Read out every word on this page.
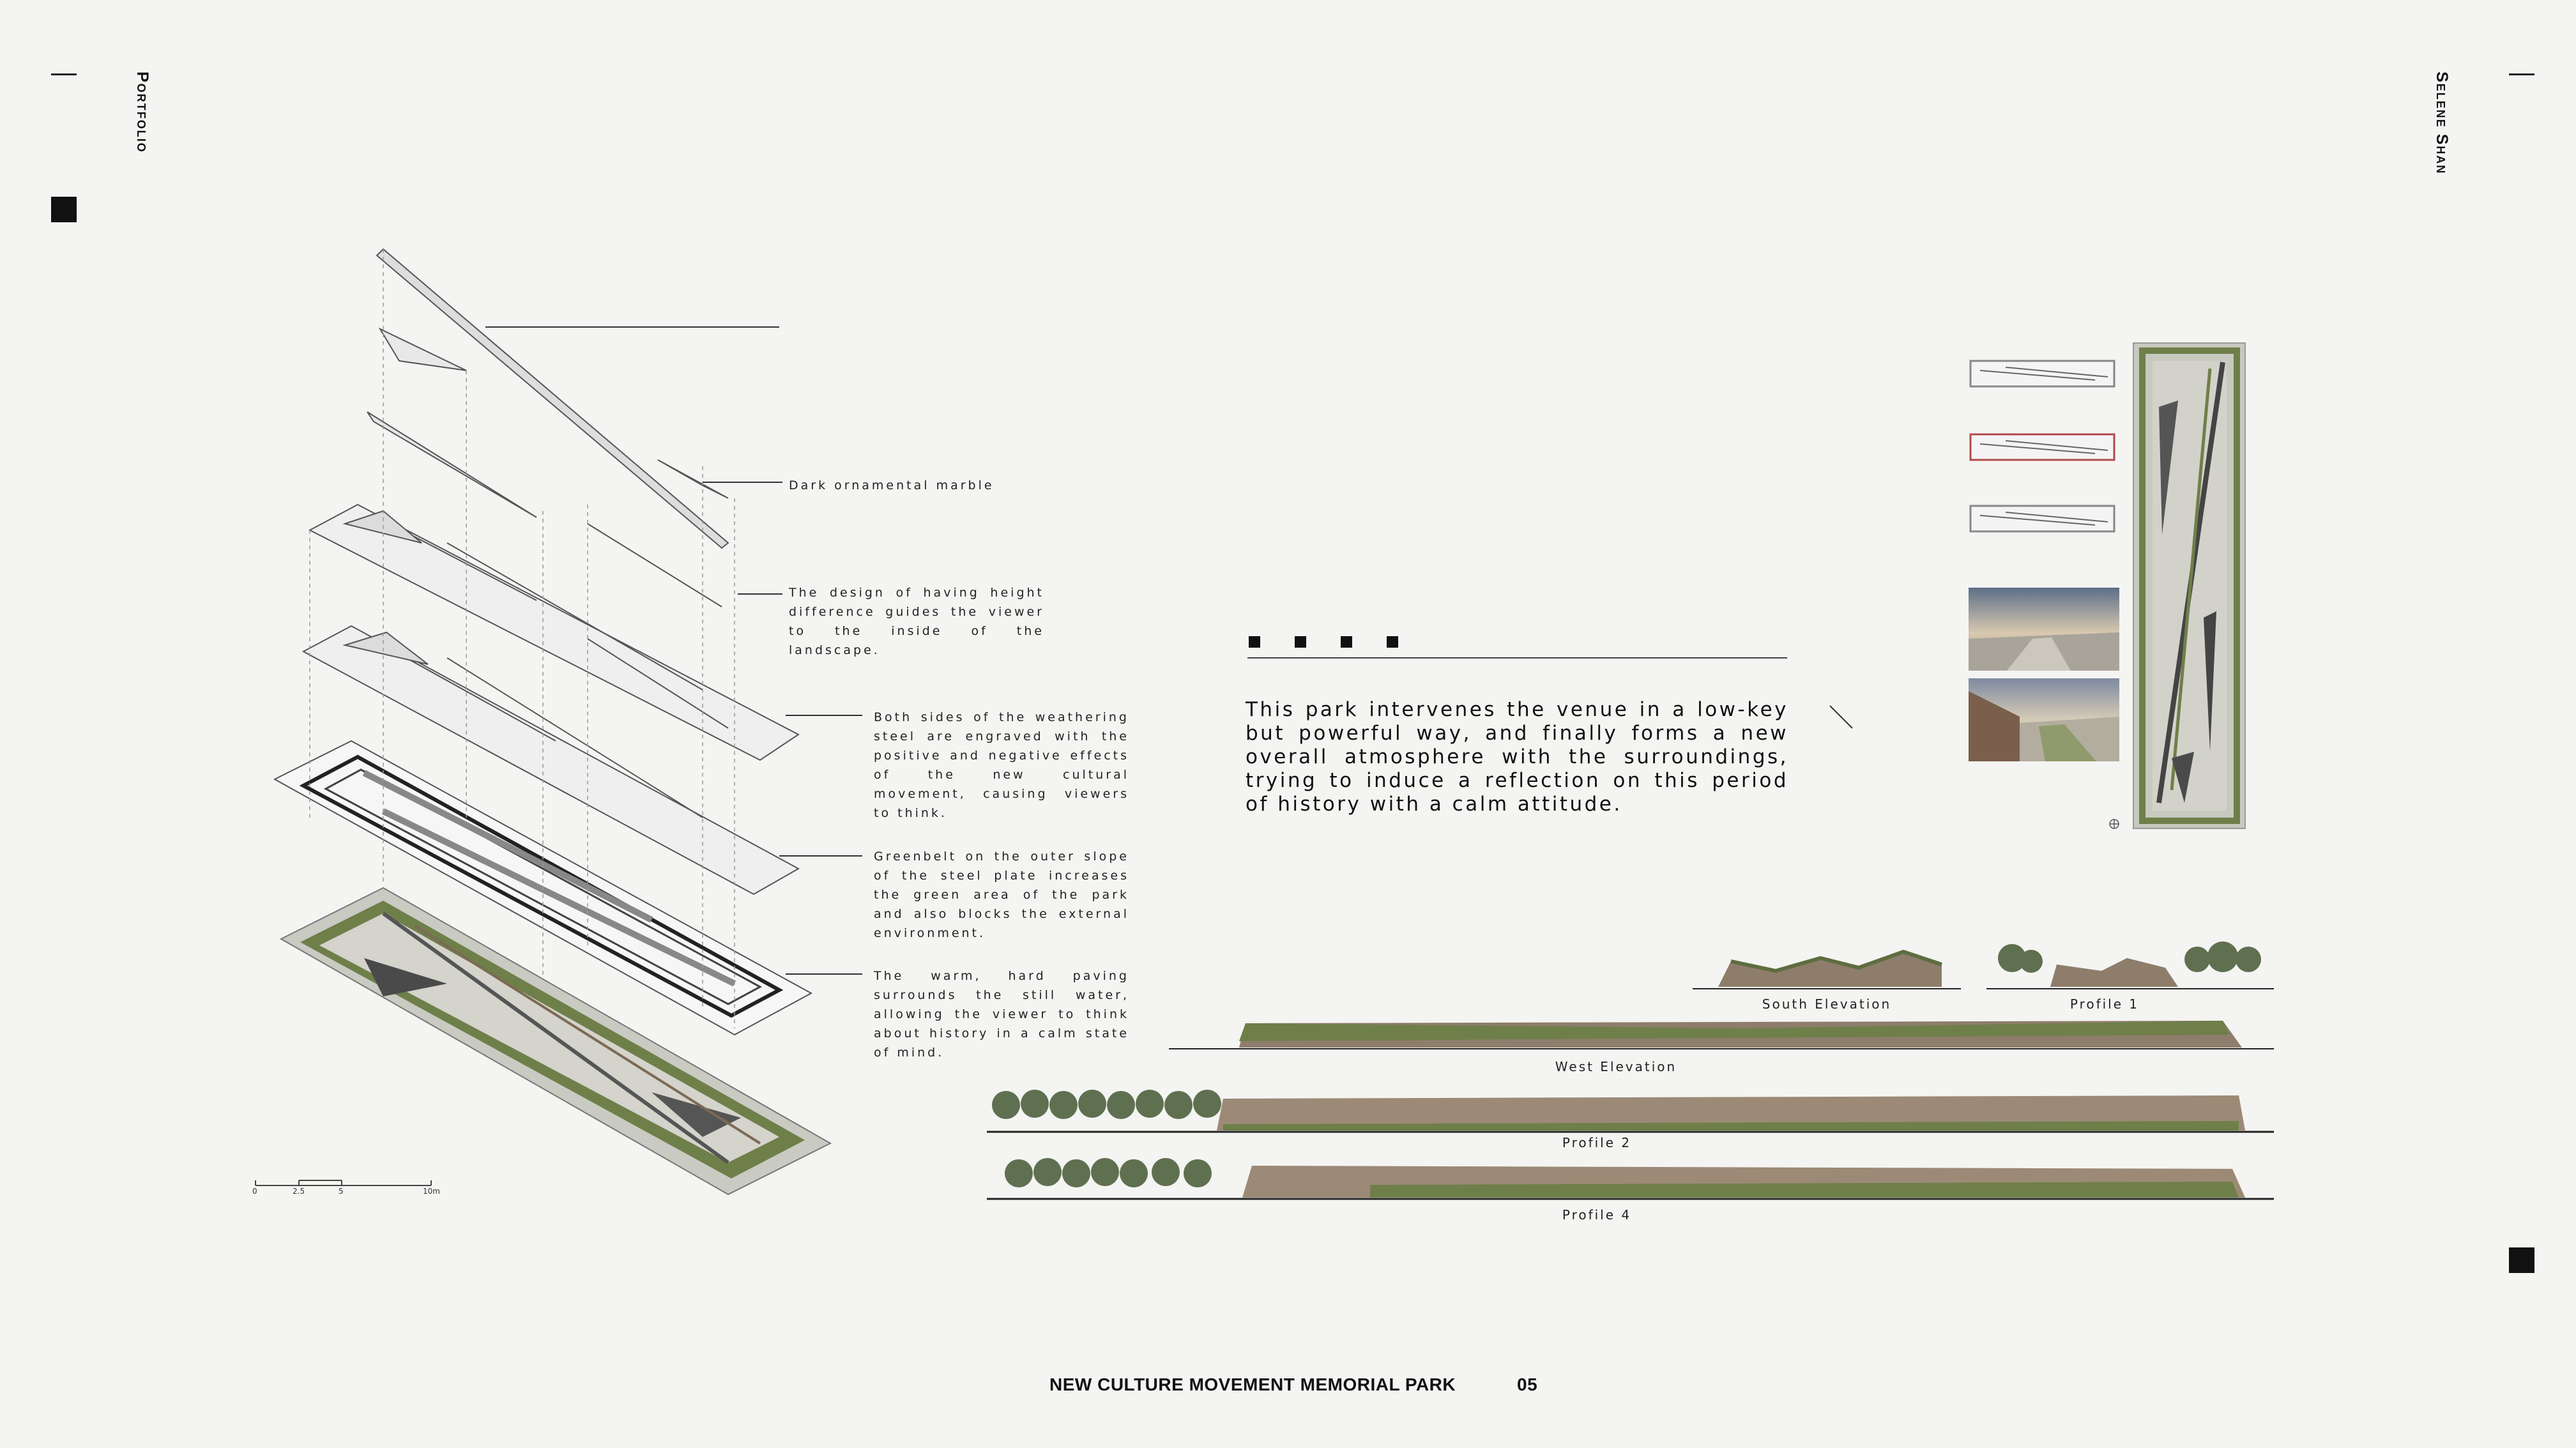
Portfolio	Selene Shan
Dark ornamental marble
The design of having height difference guides the viewer to the inside of the landscape.
Both sides of the weathering steel are engraved with the positive and negative effects of the new cultural movement, causing viewers to think.
Greenbelt on the outer slope of the steel plate increases the green area of the park and also blocks the external environment.
The warm, hard paving surrounds the still water, allowing the viewer to think about history in a calm state of mind.
0	2.5	5	10m
This park intervenes the venue in a low-key but powerful way, and finally forms a new overall atmosphere with the surroundings, trying to induce a reflection on this period of history with a calm attitude.
South Elevation	Profile 1
West Elevation
Profile 2
Profile 4
NEW CULTURE MOVEMENT MEMORIAL PARK	05
